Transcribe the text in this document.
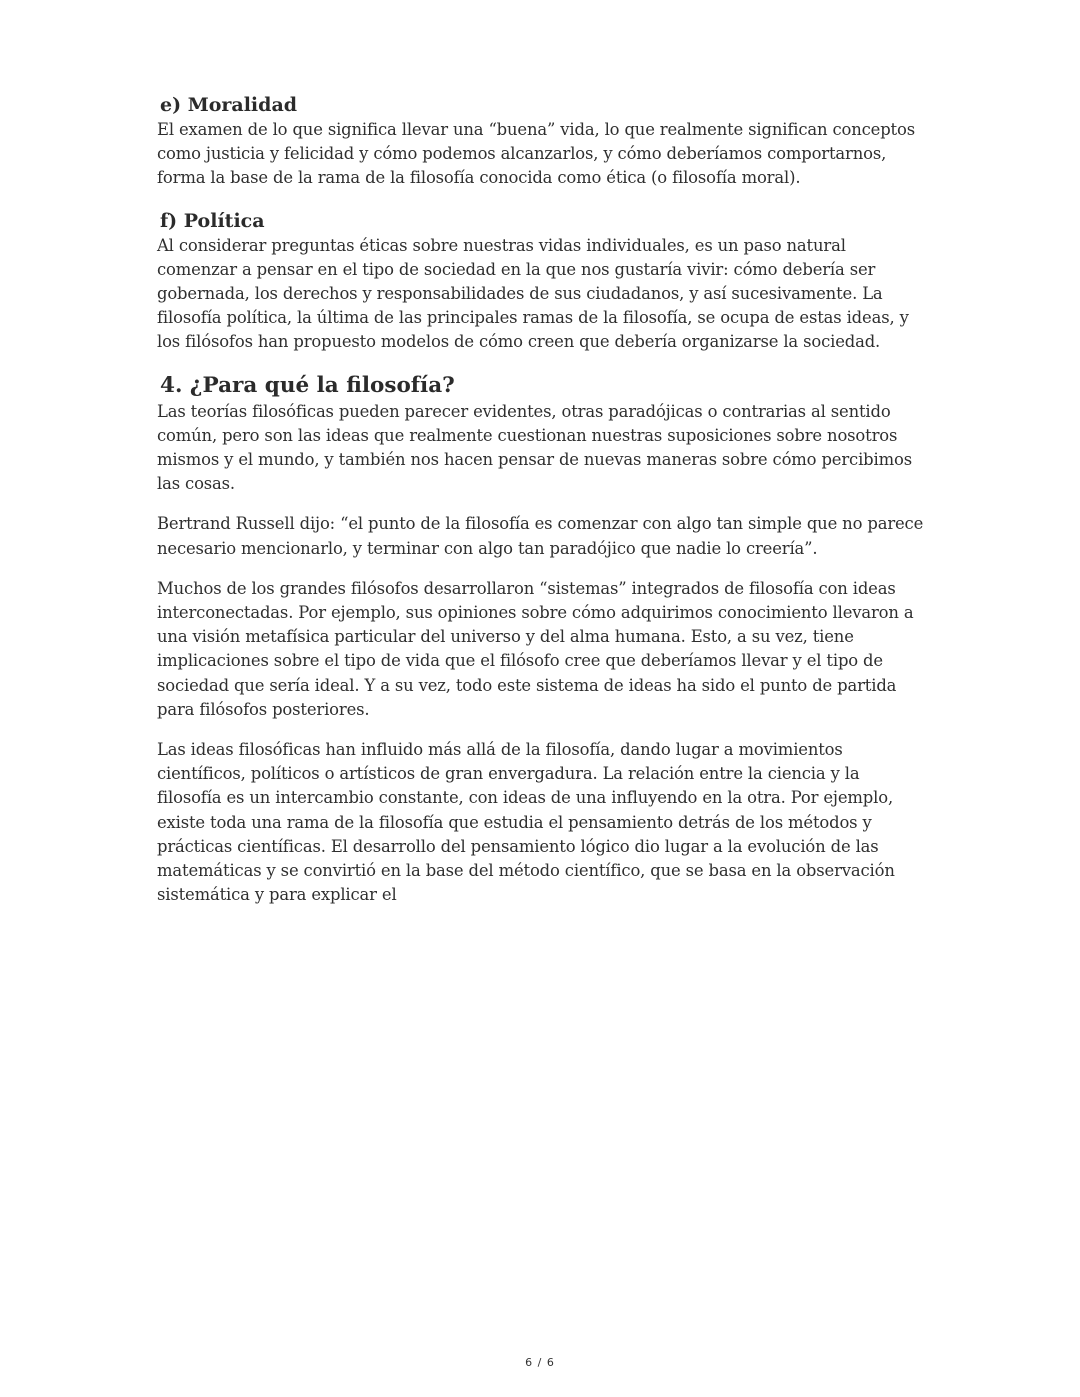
e) Moralidad

El examen de lo que significa llevar una “buena” vida, lo que realmente significan conceptos como justicia y felicidad y cómo podemos alcanzarlos, y cómo deberíamos comportarnos, forma la base de la rama de la filosofía conocida como ética (o filosofía moral).

f) Política

Al considerar preguntas éticas sobre nuestras vidas individuales, es un paso natural comenzar a pensar en el tipo de sociedad en la que nos gustaría vivir: cómo debería ser gobernada, los derechos y responsabilidades de sus ciudadanos, y así sucesivamente. La filosofía política, la última de las principales ramas de la filosofía, se ocupa de estas ideas, y los filósofos han propuesto modelos de cómo creen que debería organizarse la sociedad.

4. ¿Para qué la filosofía?

Las teorías filosóficas pueden parecer evidentes, otras paradójicas o contrarias al sentido común, pero son las ideas que realmente cuestionan nuestras suposiciones sobre nosotros mismos y el mundo, y también nos hacen pensar de nuevas maneras sobre cómo percibimos las cosas.

Bertrand Russell dijo: “el punto de la filosofía es comenzar con algo tan simple que no parece necesario mencionarlo, y terminar con algo tan paradójico que nadie lo creería”.

Muchos de los grandes filósofos desarrollaron “sistemas” integrados de filosofía con ideas interconectadas. Por ejemplo, sus opiniones sobre cómo adquirimos conocimiento llevaron a una visión metafísica particular del universo y del alma humana. Esto, a su vez, tiene implicaciones sobre el tipo de vida que el filósofo cree que deberíamos llevar y el tipo de sociedad que sería ideal. Y a su vez, todo este sistema de ideas ha sido el punto de partida para filósofos posteriores.

Las ideas filosóficas han influido más allá de la filosofía, dando lugar a movimientos científicos, políticos o artísticos de gran envergadura. La relación entre la ciencia y la filosofía es un intercambio constante, con ideas de una influyendo en la otra. Por ejemplo, existe toda una rama de la filosofía que estudia el pensamiento detrás de los métodos y prácticas científicas. El desarrollo del pensamiento lógico dio lugar a la evolución de las matemáticas y se convirtió en la base del método científico, que se basa en la observación sistemática y para explicar el

6 / 6
